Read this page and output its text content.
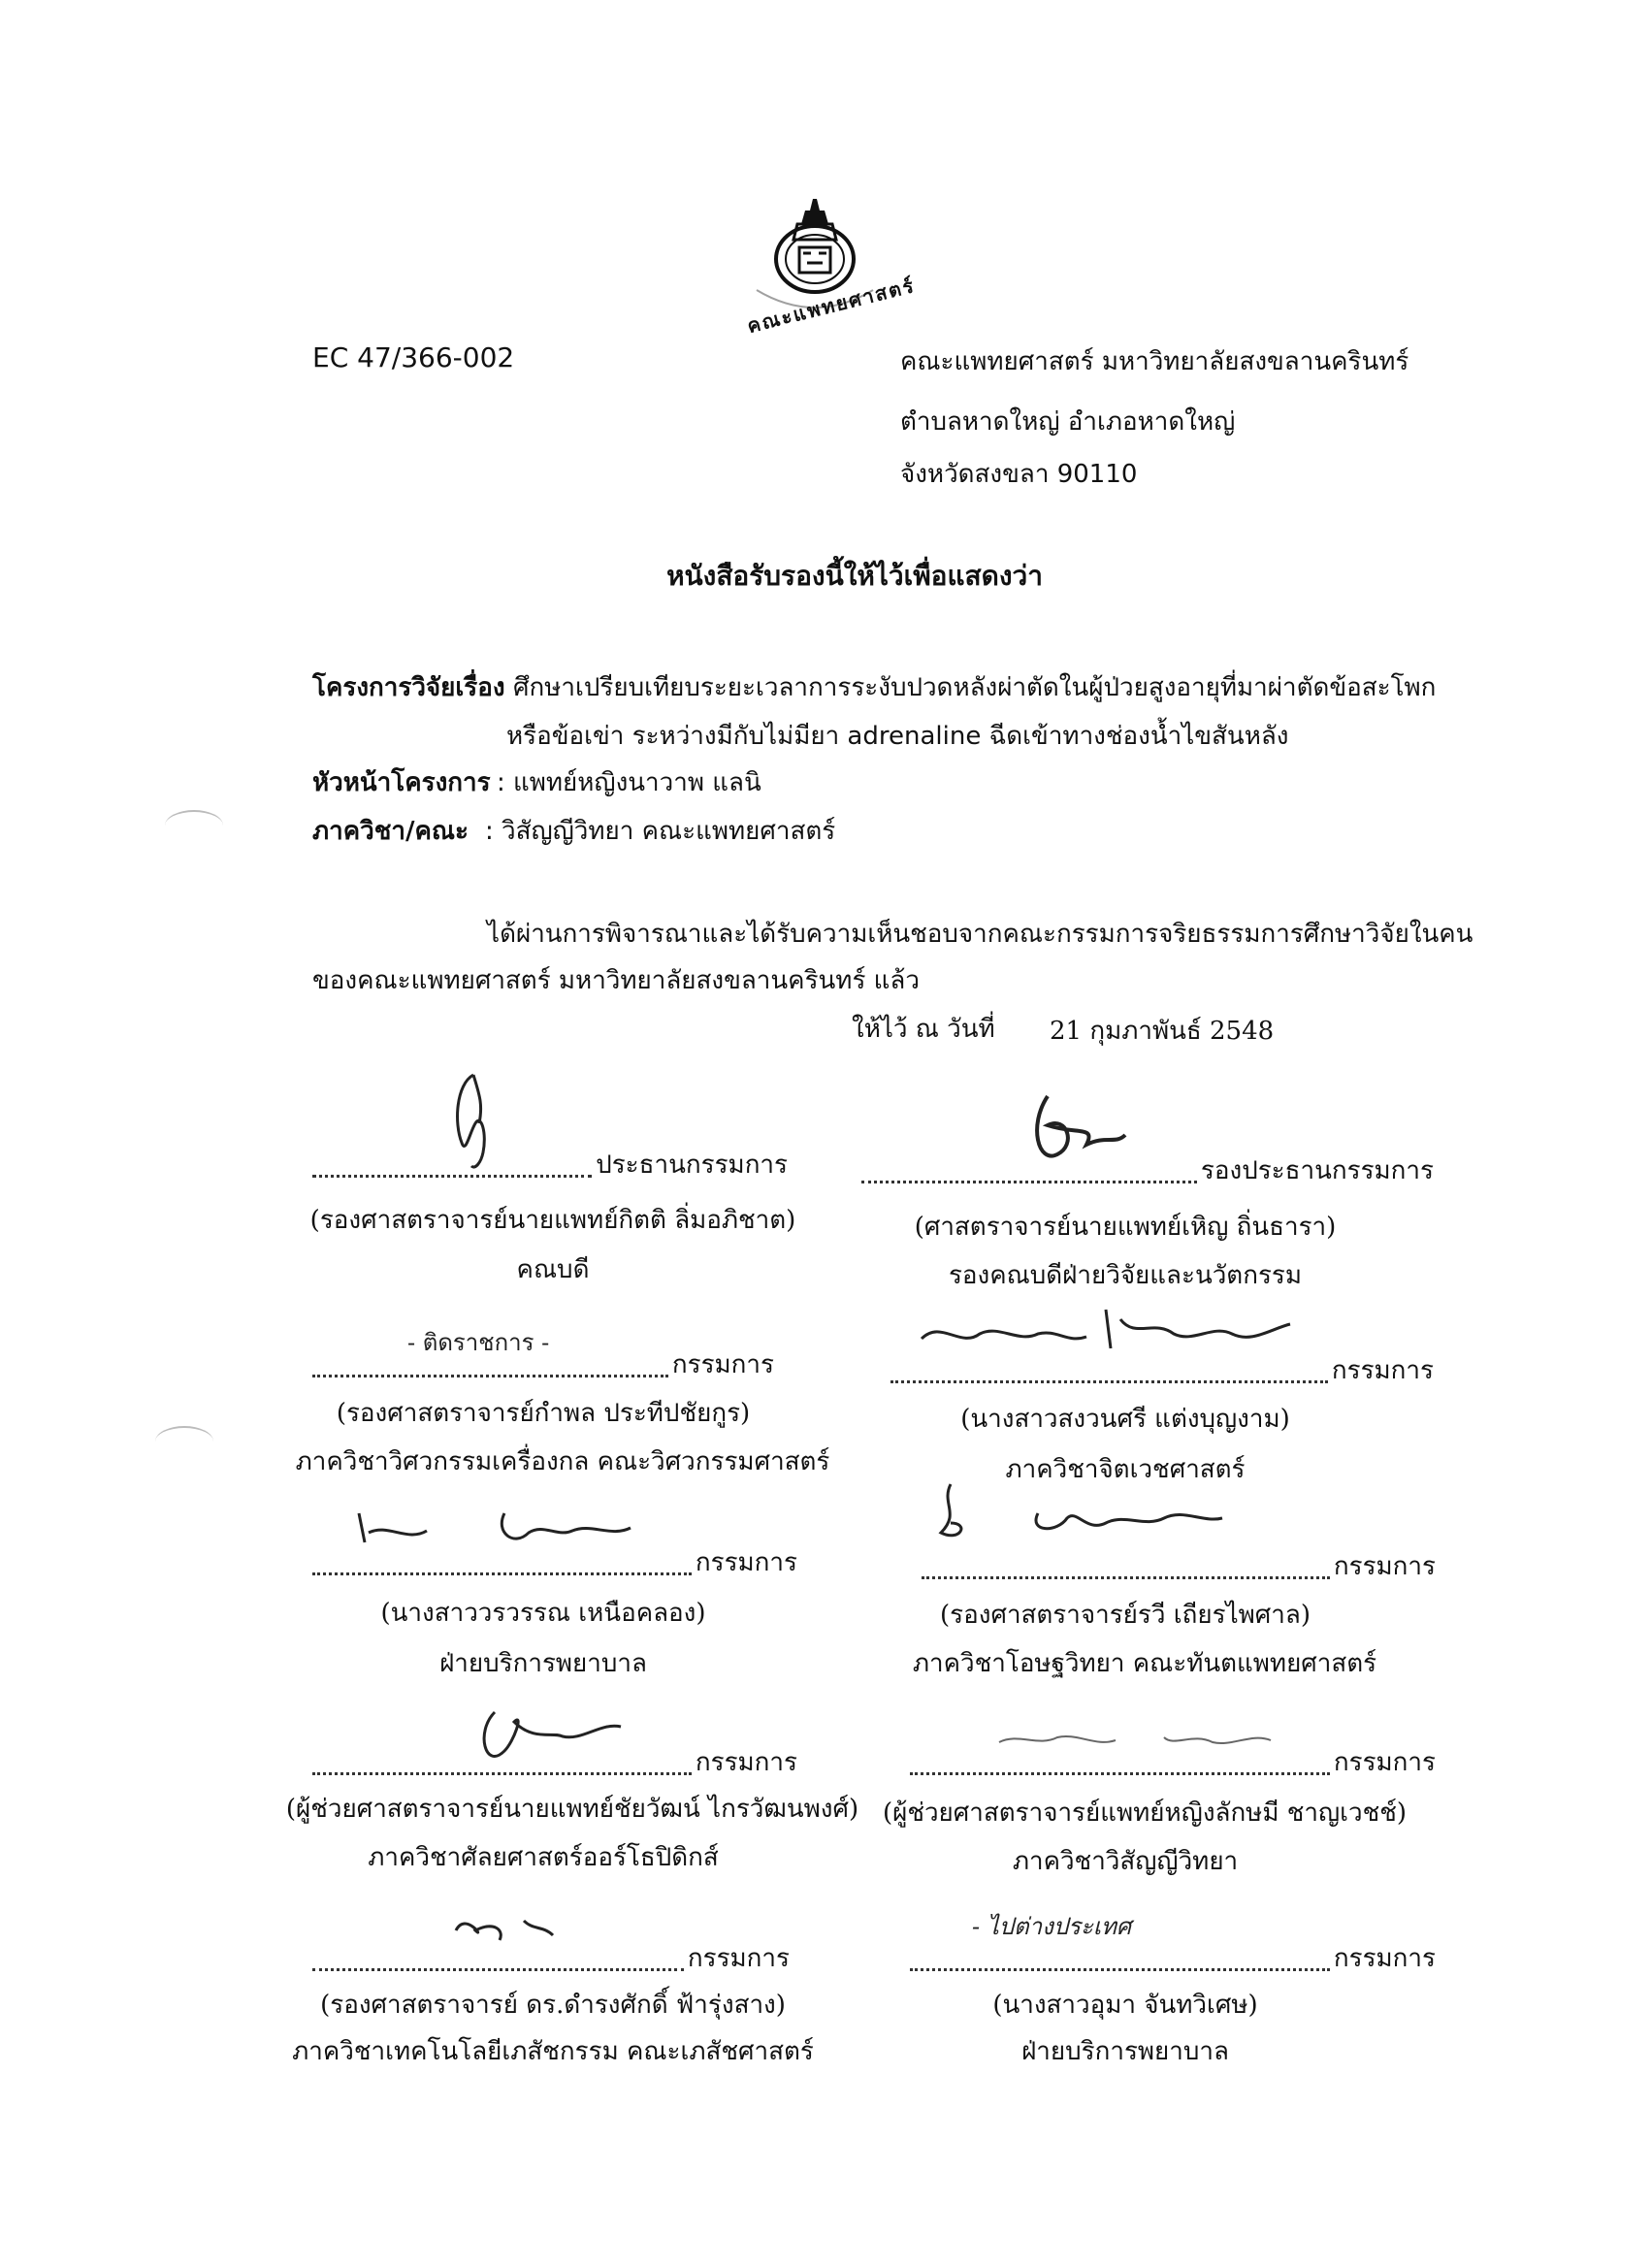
EC 47/366-002
คณะแพทยศาสตร์
คณะแพทยศาสตร์ มหาวิทยาลัยสงขลานครินทร์
ตำบลหาดใหญ่ อำเภอหาดใหญ่
จังหวัดสงขลา 90110
หนังสือรับรองนี้ให้ไว้เพื่อแสดงว่า
โครงการวิจัยเรื่อง
: ศึกษาเปรียบเทียบระยะเวลาการระงับปวดหลังผ่าตัดในผู้ป่วยสูงอายุที่มาผ่าตัดข้อสะโพก
หรือข้อเข่า ระหว่างมีกับไม่มียา adrenaline ฉีดเข้าทางช่องน้ำไขสันหลัง
หัวหน้าโครงการ : แพทย์หญิงนาวาพ แลนิ
ภาควิชา/คณะ : วิสัญญีวิทยา คณะแพทยศาสตร์
ได้ผ่านการพิจารณาและได้รับความเห็นชอบจากคณะกรรมการจริยธรรมการศึกษาวิจัยในคน
ของคณะแพทยศาสตร์ มหาวิทยาลัยสงขลานครินทร์ แล้ว
ให้ไว้ ณ วันที่ 21 กุมภาพันธ์ 2548
ประธานกรรมการ
(รองศาสตราจารย์นายแพทย์กิตติ ลิ่มอภิชาต)
คณบดี
รองประธานกรรมการ
(ศาสตราจารย์นายแพทย์เหิญ ถิ่นธารา)
รองคณบดีฝ่ายวิจัยและนวัตกรรม
- ติดราชการ -
กรรมการ
(รองศาสตราจารย์กำพล ประทีปชัยกูร)
ภาควิชาวิศวกรรมเครื่องกล คณะวิศวกรรมศาสตร์
กรรมการ
(นางสาวสงวนศรี แต่งบุญงาม)
ภาควิชาจิตเวชศาสตร์
กรรมการ
(นางสาววรวรรณ เหนือคลอง)
ฝ่ายบริการพยาบาล
กรรมการ
(รองศาสตราจารย์รวี เถียรไพศาล)
ภาควิชาโอษฐวิทยา คณะทันตแพทยศาสตร์
กรรมการ
(ผู้ช่วยศาสตราจารย์นายแพทย์ชัยวัฒน์ ไกรวัฒนพงศ์)
ภาควิชาศัลยศาสตร์ออร์โธปิดิกส์
กรรมการ
(ผู้ช่วยศาสตราจารย์แพทย์หญิงลักษมี ชาญเวชช์)
ภาควิชาวิสัญญีวิทยา
กรรมการ
(รองศาสตราจารย์ ดร.ดำรงศักดิ์ ฟ้ารุ่งสาง)
ภาควิชาเทคโนโลยีเภสัชกรรม คณะเภสัชศาสตร์
- ไปต่างประเทศ
กรรมการ
(นางสาวอุมา จันทวิเศษ)
ฝ่ายบริการพยาบาล
